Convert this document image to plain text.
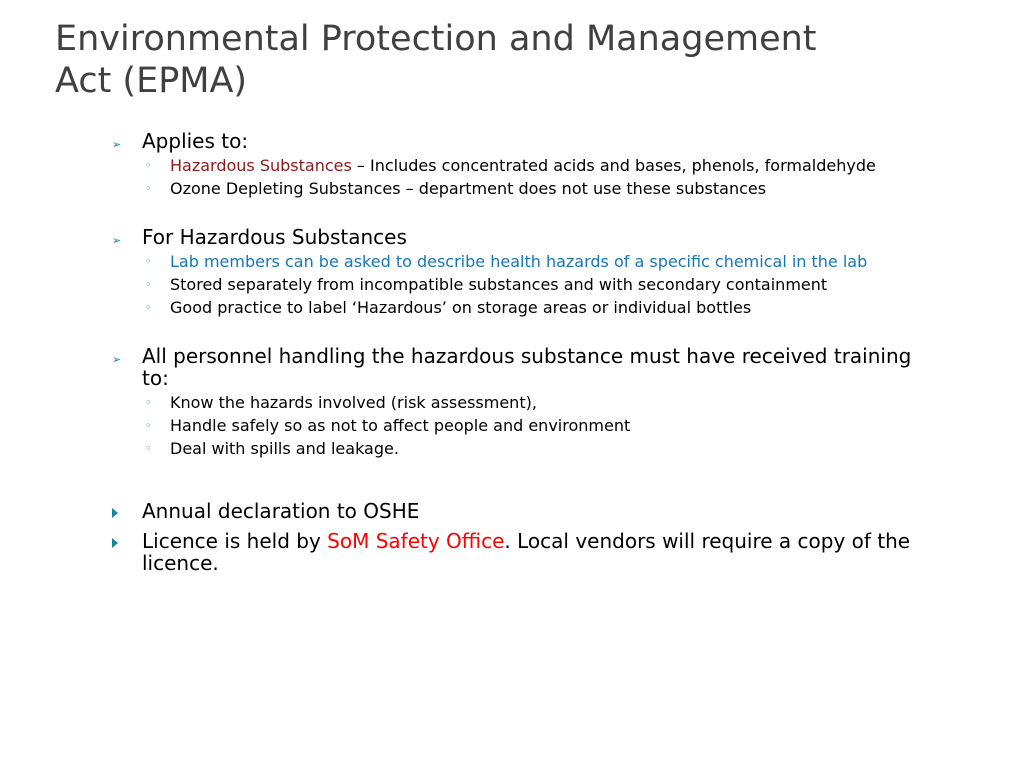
Environmental Protection and Management
Act (EPMA)
➢ Applies to:
◦ Hazardous Substances – Includes concentrated acids and bases, phenols, formaldehyde
◦ Ozone Depleting Substances – department does not use these substances
➢ For Hazardous Substances
◦ Lab members can be asked to describe health hazards of a specific chemical in the lab
◦ Stored separately from incompatible substances and with secondary containment
◦ Good practice to label ‘Hazardous’ on storage areas or individual bottles
➢ All personnel handling the hazardous substance must have received training to:
◦ Know the hazards involved (risk assessment),
◦ Handle safely so as not to affect people and environment
◦ Deal with spills and leakage.
Annual declaration to OSHE
Licence is held by SoM Safety Office. Local vendors will require a copy of the licence.
